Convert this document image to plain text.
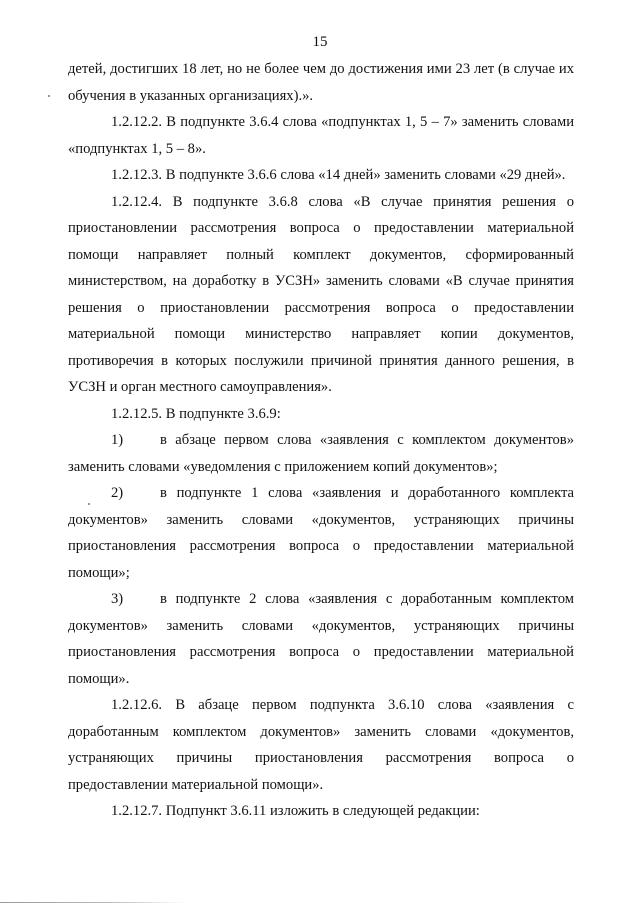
15

детей, достигших 18 лет, но не более чем до достижения ими 23 лет (в случае их обучения в указанных организациях).».

1.2.12.2. В подпункте 3.6.4 слова «подпунктах 1, 5 – 7» заменить словами «подпунктах 1, 5 – 8».

1.2.12.3. В подпункте 3.6.6 слова «14 дней» заменить словами «29 дней».

1.2.12.4. В подпункте 3.6.8 слова «В случае принятия решения о приостановлении рассмотрения вопроса о предоставлении материальной помощи направляет полный комплект документов, сформированный министерством, на доработку в УСЗН» заменить словами «В случае принятия решения о приостановлении рассмотрения вопроса о предоставлении материальной помощи министерство направляет копии документов, противоречия в которых послужили причиной принятия данного решения, в УСЗН и орган местного самоуправления».

1.2.12.5. В подпункте 3.6.9:

1)	в абзаце первом слова «заявления с комплектом документов» заменить словами «уведомления с приложением копий документов»;

2)	в подпункте 1 слова «заявления и доработанного комплекта документов» заменить словами «документов, устраняющих причины приостановления рассмотрения вопроса о предоставлении материальной помощи»;

3)	в подпункте 2 слова «заявления с доработанным комплектом документов» заменить словами «документов, устраняющих причины приостановления рассмотрения вопроса о предоставлении материальной помощи».

1.2.12.6. В абзаце первом подпункта 3.6.10 слова «заявления с доработанным комплектом документов» заменить словами «документов, устраняющих причины приостановления рассмотрения вопроса о предоставлении материальной помощи».

1.2.12.7. Подпункт 3.6.11 изложить в следующей редакции:
